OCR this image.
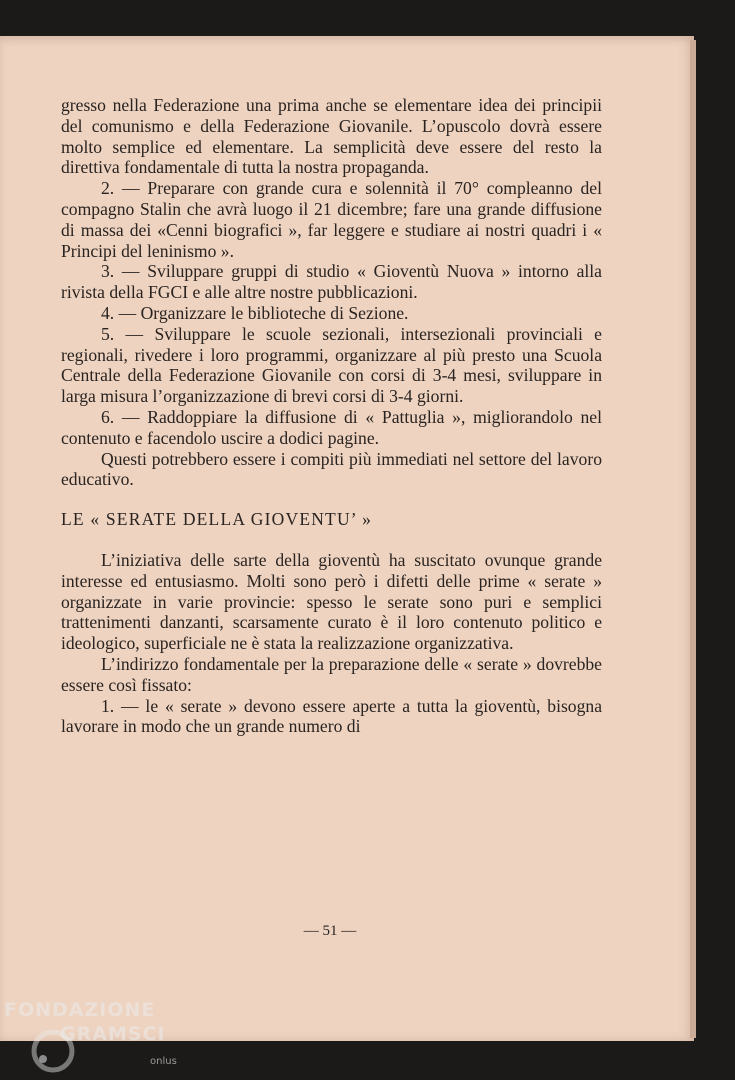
gresso nella Federazione una prima anche se elementare idea dei principii del comunismo e della Federazione Giovanile. L’opuscolo dovrà essere molto semplice ed elementare. La semplicità deve essere del resto la direttiva fondamentale di tutta la nostra propaganda.

2. — Preparare con grande cura e solennità il 70° compleanno del compagno Stalin che avrà luogo il 21 dicembre; fare una grande diffusione di massa dei «Cenni biografici », far leggere e studiare ai nostri quadri i « Principi del leninismo ».

3. — Sviluppare gruppi di studio « Gioventù Nuova » intorno alla rivista della FGCI e alle altre nostre pubblicazioni.

4. — Organizzare le biblioteche di Sezione.

5. — Sviluppare le scuole sezionali, intersezionali provinciali e regionali, rivedere i loro programmi, organizzare al più presto una Scuola Centrale della Federazione Giovanile con corsi di 3-4 mesi, sviluppare in larga misura l’organizzazione di brevi corsi di 3-4 giorni.

6. — Raddoppiare la diffusione di « Pattuglia », migliorandolo nel contenuto e facendolo uscire a dodici pagine.

Questi potrebbero essere i compiti più immediati nel settore del lavoro educativo.

LE « SERATE DELLA GIOVENTU’ »

L’iniziativa delle sarte della gioventù ha suscitato ovunque grande interesse ed entusiasmo. Molti sono però i difetti delle prime « serate » organizzate in varie provincie: spesso le serate sono puri e semplici trattenimenti danzanti, scarsamente curato è il loro contenuto politico e ideologico, superficiale ne è stata la realizzazione organizzativa.

L’indirizzo fondamentale per la preparazione delle « serate » dovrebbe essere così fissato:

1. — le « serate » devono essere aperte a tutta la gioventù, bisogna lavorare in modo che un grande numero di

— 51 —
FONDAZIONE
GRAMSCI
onlus
